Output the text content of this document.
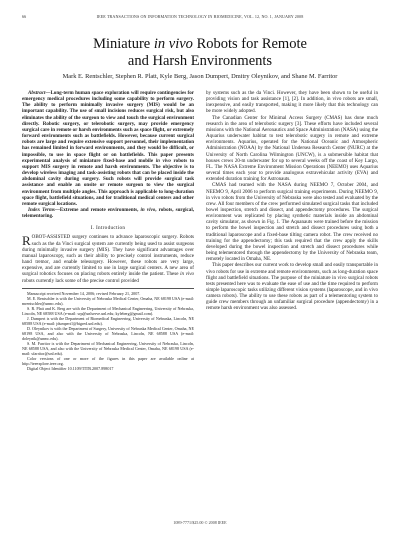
66	IEEE TRANSACTIONS ON INFORMATION TECHNOLOGY IN BIOMEDICINE, VOL. 12, NO. 1, JANUARY 2008
Miniature in vivo Robots for Remote
and Harsh Environments
Mark E. Rentschler, Stephen R. Platt, Kyle Berg, Jason Dumpert, Dmitry Oleynikov, and Shane M. Farritor

Abstract—Long-term human space exploration will require contingencies for emergency medical procedures including some capability to perform surgery. The ability to perform minimally invasive surgery (MIS) would be an important capability. The use of small incisions reduces surgical risk, but also eliminates the ability of the surgeon to view and touch the surgical environment directly. Robotic surgery, or telerobotic surgery, may provide emergency surgical care in remote or harsh environments such as space flight, or extremely forward environments such as battlefields. However, because current surgical robots are large and require extensive support personnel, their implementation has remained limited in forward environments, and they would be difficult, or impossible, to use in space flight or on battlefields. This paper presents experimental analysis of miniature fixed-base and mobile in vivo robots to support MIS surgery in remote and harsh environments. The objective is to develop wireless imaging and task-assisting robots that can be placed inside the abdominal cavity during surgery. Such robots will provide surgical task assistance and enable an onsite or remote surgeon to view the surgical environment from multiple angles. This approach is applicable to long-duration space flight, battlefield situations, and for traditional medical centers and other remote surgical locations.

Index Terms—Extreme and remote environments, in vivo, robots, surgical, telementoring.

I. Introduction

ROBOT-ASSISTED surgery continues to advance laparoscopic surgery. Robots such as the da Vinci surgical system are currently being used to assist surgeons during minimally invasive surgery (MIS). They have significant advantages over manual laparoscopy, such as their ability to precisely control instruments, reduce hand tremor, and enable telesurgery. However, these robots are very large, expensive, and are currently limited to use in large surgical centers. A new area of surgical robotics focuses on placing robots entirely inside the patient. These in vivo robots currently lack some of the precise control provided

Manuscript received November 14, 2006; revised February 21, 2007.
M. E. Rentschler is with the University of Nebraska Medical Center, Omaha, NE 68198 USA (e-mail: mrentschler@unmc.edu).
S. R. Platt and K. Berg are with the Department of Mechanical Engineering, University of Nebraska, Lincoln, NE 68588 USA (e-mail: srp@unlserve.unl.edu; kyleberg@gmail.com).
J. Dumpert is with the Department of Biomedical Engineering, University of Nebraska, Lincoln, NE 68588 USA (e-mail: jdumpert1@bigred.unl.edu).
D. Oleynikov is with the Department of Surgery, University of Nebraska Medical Center, Omaha, NE 68198 USA, and also with the University of Nebraska, Lincoln, NE 68588 USA (e-mail: doleynik@unmc.edu).
S. M. Farritor is with the Department of Mechanical Engineering, University of Nebraska, Lincoln, NE 68588 USA, and also with the University of Nebraska Medical Center, Omaha, NE 68198 USA (e-mail: sfarritor@unl.edu).
Color versions of one or more of the figures in this paper are available online at http://ieeexplore.ieee.org.
Digital Object Identifier 10.1109/TITB.2007.898017

by systems such as the da Vinci. However, they have been shown to be useful in providing vision and task assistance [1], [2]. In addition, in vivo robots are small, inexpensive, and easily transported, making it more likely that this technology can be more widely adopted.

The Canadian Center for Minimal Access Surgery (CMAS) has done much research in the area of telerobotic surgery [3]. These efforts have included several missions with the National Aeronautics and Space Administration (NASA) using the Aquarius underwater habitat to test telerobotic surgery in remote and extreme environments. Aquarius, operated for the National Oceanic and Atmospheric Administration (NOAA) by the National Undersea Research Center (NURC) at the University of North Carolina Wilmington (UNCW), is a submersible habitat that houses crews 20-m underwater for up to several weeks off the coast of Key Largo, FL. The NASA Extreme Environment Mission Operations (NEEMO) uses Aquarius several times each year to provide analogous extravehicular activity (EVA) and extended duration training for Astronauts.

CMAS had teamed with the NASA during NEEMO 7, October 2004, and NEEMO 9, April 2006 to perform surgical training experiments. During NEEMO 9, in vivo robots from the University of Nebraska were also tested and evaluated by the crew. All four members of the crew performed simulated surgical tasks that included bowel inspection, stretch and dissect, and appendectomy procedures. The surgical environment was replicated by placing synthetic materials inside an abdominal cavity simulator, as shown in Fig. 1. The Aquanauts were trained before the mission to perform the bowel inspection and stretch and dissect procedures using both a traditional laparoscope and a fixed-base tilting camera robot. The crew received no training for the appendectomy; this task required that the crew apply the skills developed during the bowel inspection and stretch and dissect procedures while being telementored through the appendectomy by the University of Nebraska team, remotely located in Omaha, NE.

This paper describes our current work to develop small and easily transportable in vivo robots for use in extreme and remote environments, such as long-duration space flight and battlefield situations. The purpose of the miniature in vivo surgical robots tests presented here was to evaluate the ease of use and the time required to perform simple laparoscopic tasks utilizing different vision systems (laparoscope, and in vivo camera robots). The ability to use these robots as part of a telementoring system to guide crew members through an unfamiliar surgical procedure (appendectomy) in a remote harsh environment was also assessed.

1089-7771/$25.00 © 2008 IEEE
